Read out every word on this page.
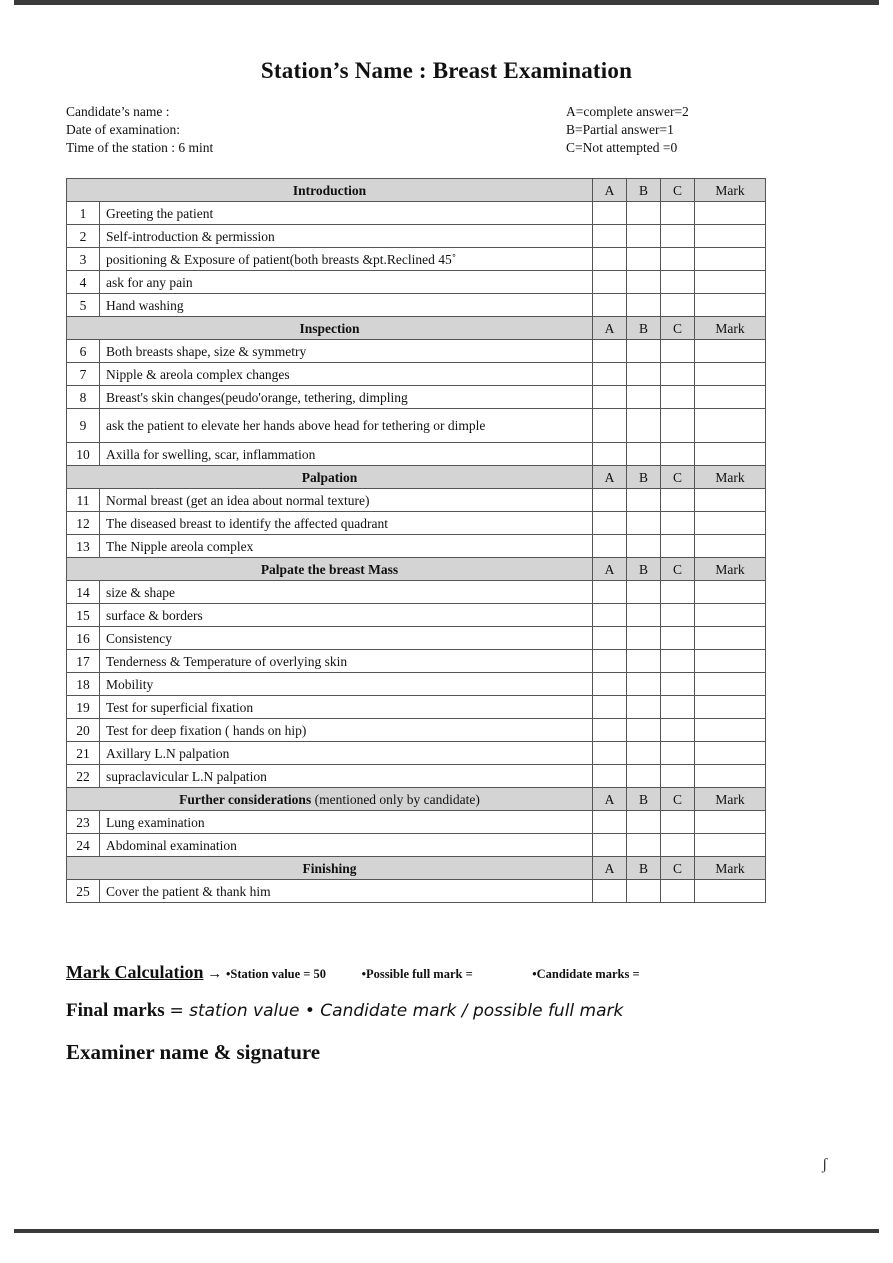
Station’s Name : Breast Examination
Candidate’s name :
Date of examination:
Time of the station : 6 mint
A=complete answer=2
B=Partial answer=1
C=Not attempted =0
Introduction		A	B	C	Mark
1	Greeting the patient				
2	Self-introduction & permission				
3	positioning & Exposure of patient(both breasts &pt.Reclined 45˚				
4	ask for any pain				
5	Hand washing				
Inspection		A	B	C	Mark
6	Both breasts shape, size & symmetry				
7	Nipple & areola complex changes				
8	Breast's skin changes(peudo'orange, tethering, dimpling				
9	ask the patient to elevate her hands above head for tethering or dimple				
10	Axilla for swelling, scar, inflammation				
Palpation		A	B	C	Mark
11	Normal breast (get an idea about normal texture)				
12	The diseased breast to identify the affected quadrant				
13	The Nipple areola complex				
Palpate the breast Mass		A	B	C	Mark
14	size & shape				
15	surface & borders				
16	Consistency				
17	Tenderness & Temperature of overlying skin				
18	Mobility				
19	Test for superficial fixation				
20	Test for deep fixation ( hands on hip)				
21	Axillary L.N palpation				
22	supraclavicular L.N palpation				
Further considerations (mentioned only by candidate)		A	B	C	Mark
23	Lung examination				
24	Abdominal examination				
Finishing		A	B	C	Mark
25	Cover the patient & thank him				
Mark Calculation → •Station value = 50	•Possible full mark =	•Candidate marks =
Final marks = station value • Candidate mark / possible full mark
Examiner name & signature
ʃ
